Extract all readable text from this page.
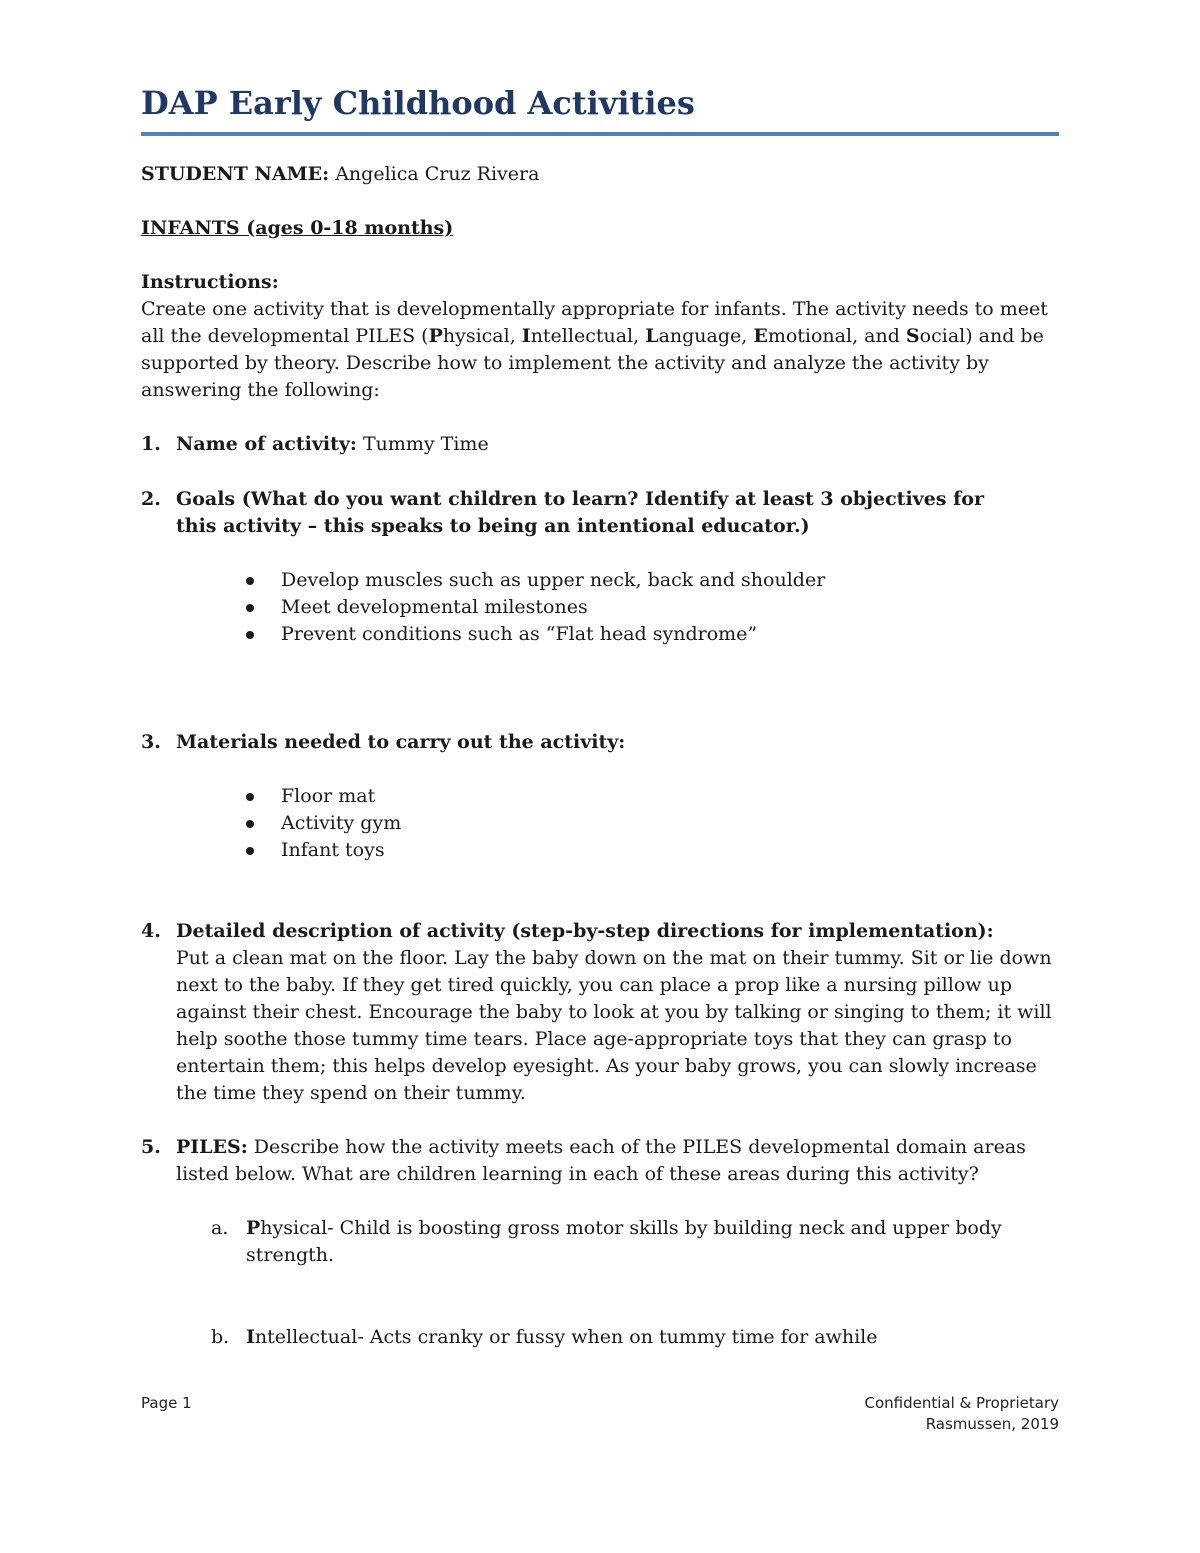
DAP Early Childhood Activities
STUDENT NAME: Angelica Cruz Rivera
INFANTS (ages 0-18 months)
Instructions:
Create one activity that is developmentally appropriate for infants. The activity needs to meet all the developmental PILES (Physical, Intellectual, Language, Emotional, and Social) and be supported by theory. Describe how to implement the activity and analyze the activity by answering the following:
1. Name of activity: Tummy Time
2. Goals (What do you want children to learn? Identify at least 3 objectives for this activity – this speaks to being an intentional educator.)
Develop muscles such as upper neck, back and shoulder
Meet developmental milestones
Prevent conditions such as “Flat head syndrome”
3. Materials needed to carry out the activity:
Floor mat
Activity gym
Infant toys
4. Detailed description of activity (step-by-step directions for implementation):
Put a clean mat on the floor. Lay the baby down on the mat on their tummy. Sit or lie down next to the baby. If they get tired quickly, you can place a prop like a nursing pillow up against their chest. Encourage the baby to look at you by talking or singing to them; it will help soothe those tummy time tears. Place age-appropriate toys that they can grasp to entertain them; this helps develop eyesight. As your baby grows, you can slowly increase the time they spend on their tummy.
5. PILES: Describe how the activity meets each of the PILES developmental domain areas listed below. What are children learning in each of these areas during this activity?
a. Physical- Child is boosting gross motor skills by building neck and upper body strength.
b. Intellectual- Acts cranky or fussy when on tummy time for awhile
Page 1	Confidential & Proprietary
Rasmussen, 2019
